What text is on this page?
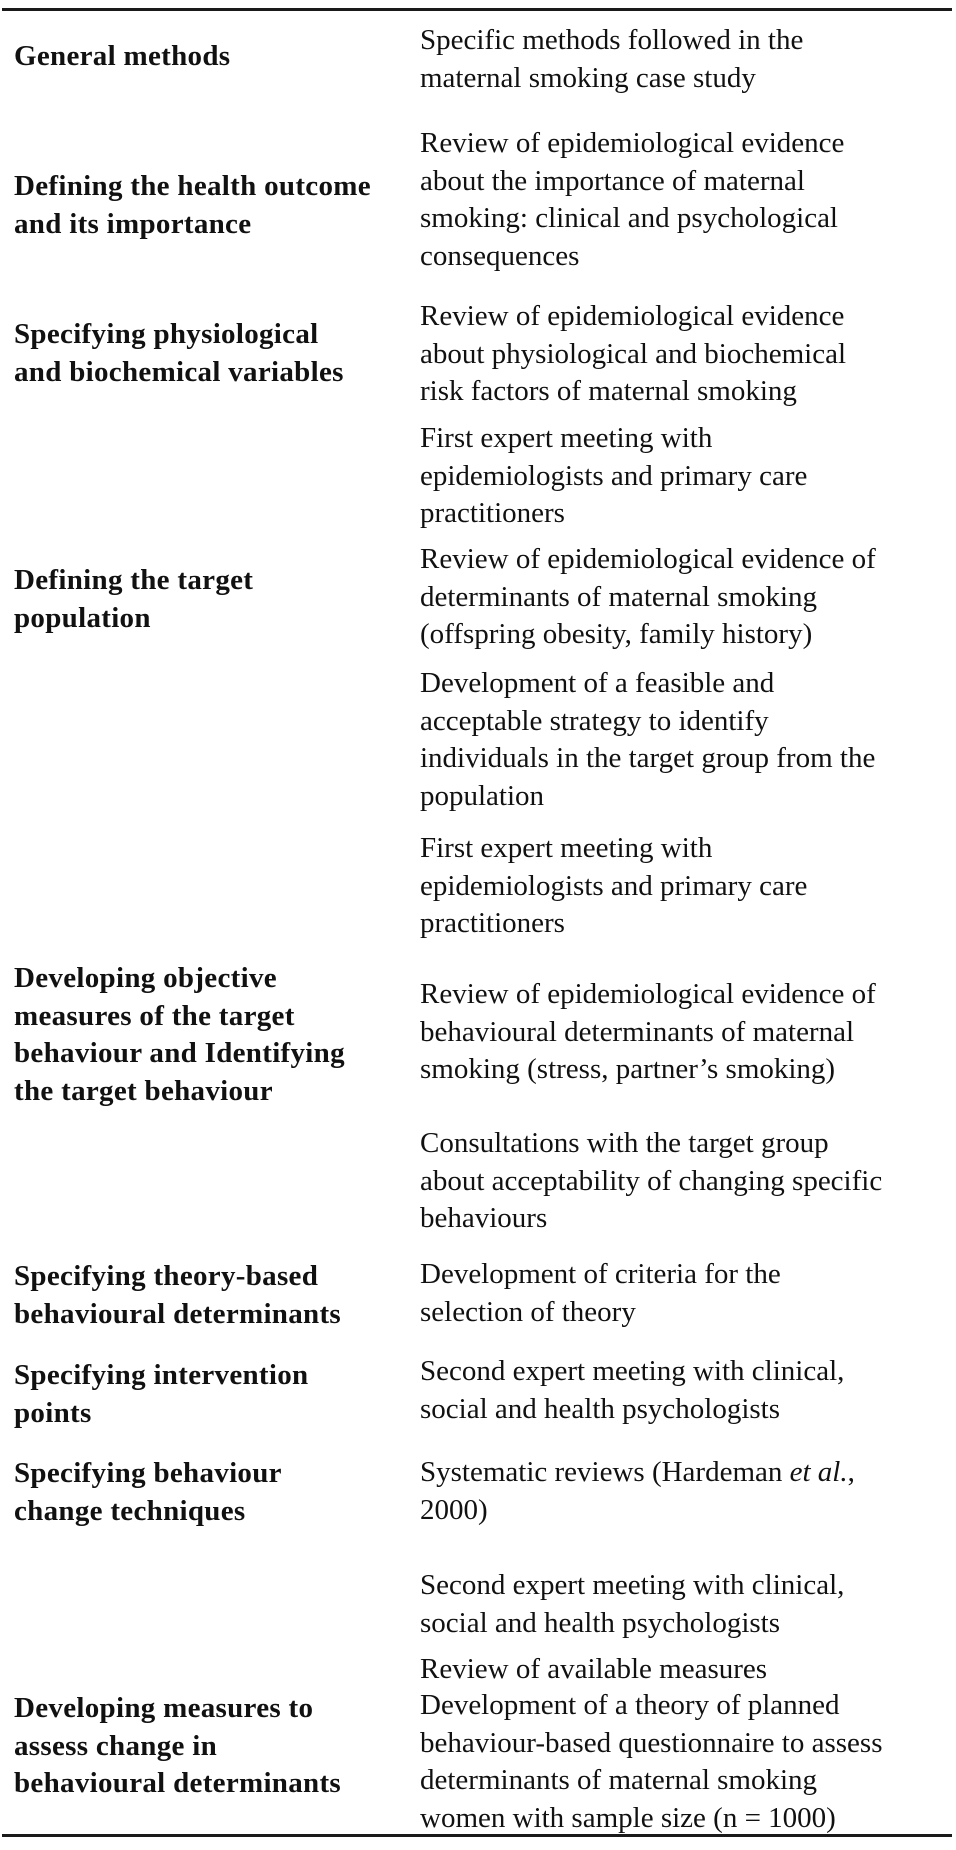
General methods	Specific methods followed in the
maternal smoking case study
Defining the health outcome
and its importance
Review of epidemiological evidence
about the importance of maternal
smoking: clinical and psychological
consequences
Specifying physiological
and biochemical variables
Review of epidemiological evidence
about physiological and biochemical
risk factors of maternal smoking
First expert meeting with
epidemiologists and primary care
practitioners
Defining the target
population
Review of epidemiological evidence of
determinants of maternal smoking
(offspring obesity, family history)
Development of a feasible and
acceptable strategy to identify
individuals in the target group from the
population
First expert meeting with
epidemiologists and primary care
practitioners
Developing objective
measures of the target
behaviour and Identifying
the target behaviour
Review of epidemiological evidence of
behavioural determinants of maternal
smoking (stress, partner’s smoking)
Consultations with the target group
about acceptability of changing specific
behaviours
Specifying theory-based
behavioural determinants
Development of criteria for the
selection of theory
Specifying intervention
points
Second expert meeting with clinical,
social and health psychologists
Specifying behaviour
change techniques
Systematic reviews (Hardeman et al.,
2000)
Second expert meeting with clinical,
social and health psychologists
Review of available measures
Developing measures to
assess change in
behavioural determinants
Development of a theory of planned
behaviour-based questionnaire to assess
determinants of maternal smoking
women with sample size (n = 1000)
